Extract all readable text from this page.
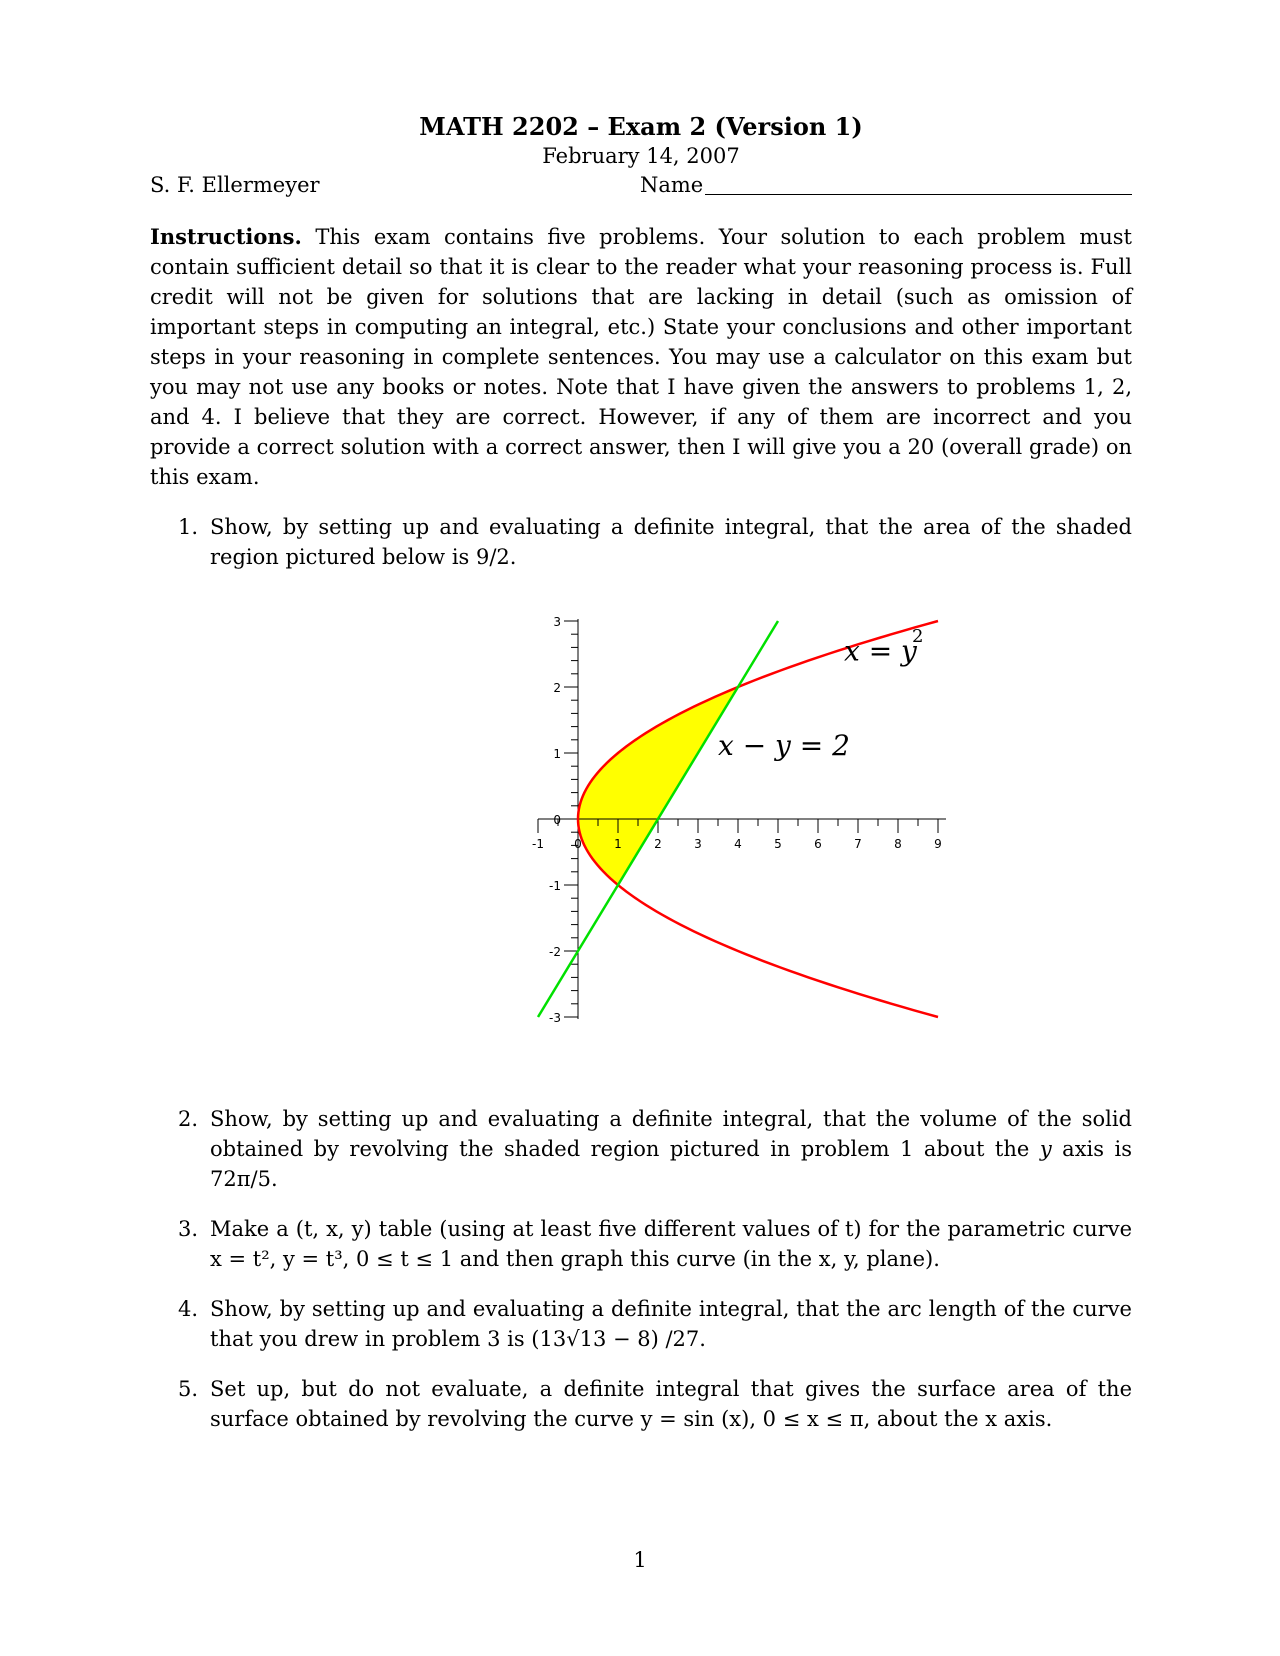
MATH 2202 – Exam 2 (Version 1)
February 14, 2007
S. F. Ellermeyer	Name
Instructions. This exam contains five problems. Your solution to each problem must contain sufficient detail so that it is clear to the reader what your reasoning process is. Full credit will not be given for solutions that are lacking in detail (such as omission of important steps in computing an integral, etc.) State your conclusions and other important steps in your reasoning in complete sentences. You may use a calculator on this exam but you may not use any books or notes. Note that I have given the answers to problems 1, 2, and 4. I believe that they are correct. However, if any of them are incorrect and you provide a correct solution with a correct answer, then I will give you a 20 (overall grade) on this exam.
1. Show, by setting up and evaluating a definite integral, that the area of the shaded region pictured below is 9/2.
-1	0	1	2	3	4	5	6	7	8	9
3
2
1
0
-1
-2
-3
x = y
2
x − y = 2
2. Show, by setting up and evaluating a definite integral, that the volume of the solid obtained by revolving the shaded region pictured in problem 1 about the y axis is 72π/5.
3. Make a (t, x, y) table (using at least five different values of t) for the parametric curve x = t², y = t³, 0 ≤ t ≤ 1 and then graph this curve (in the x, y, plane).
4. Show, by setting up and evaluating a definite integral, that the arc length of the curve that you drew in problem 3 is (13√13 − 8) /27.
5. Set up, but do not evaluate, a definite integral that gives the surface area of the surface obtained by revolving the curve y = sin (x), 0 ≤ x ≤ π, about the x axis.
1
